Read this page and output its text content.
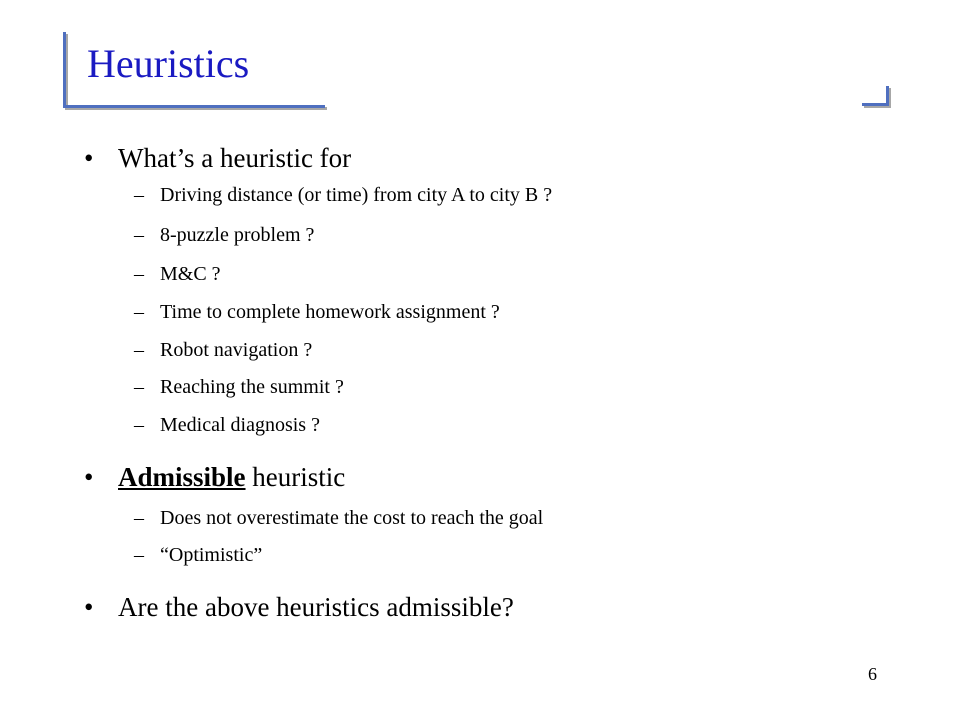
Heuristics
• What’s a heuristic for
– Driving distance (or time) from city A to city B ?
– 8-puzzle problem ?
– M&C ?
– Time to complete homework assignment ?
– Robot navigation ?
– Reaching the summit ?
– Medical diagnosis ?
• Admissible heuristic
– Does not overestimate the cost to reach the goal
– “Optimistic”
• Are the above heuristics admissible?
6
